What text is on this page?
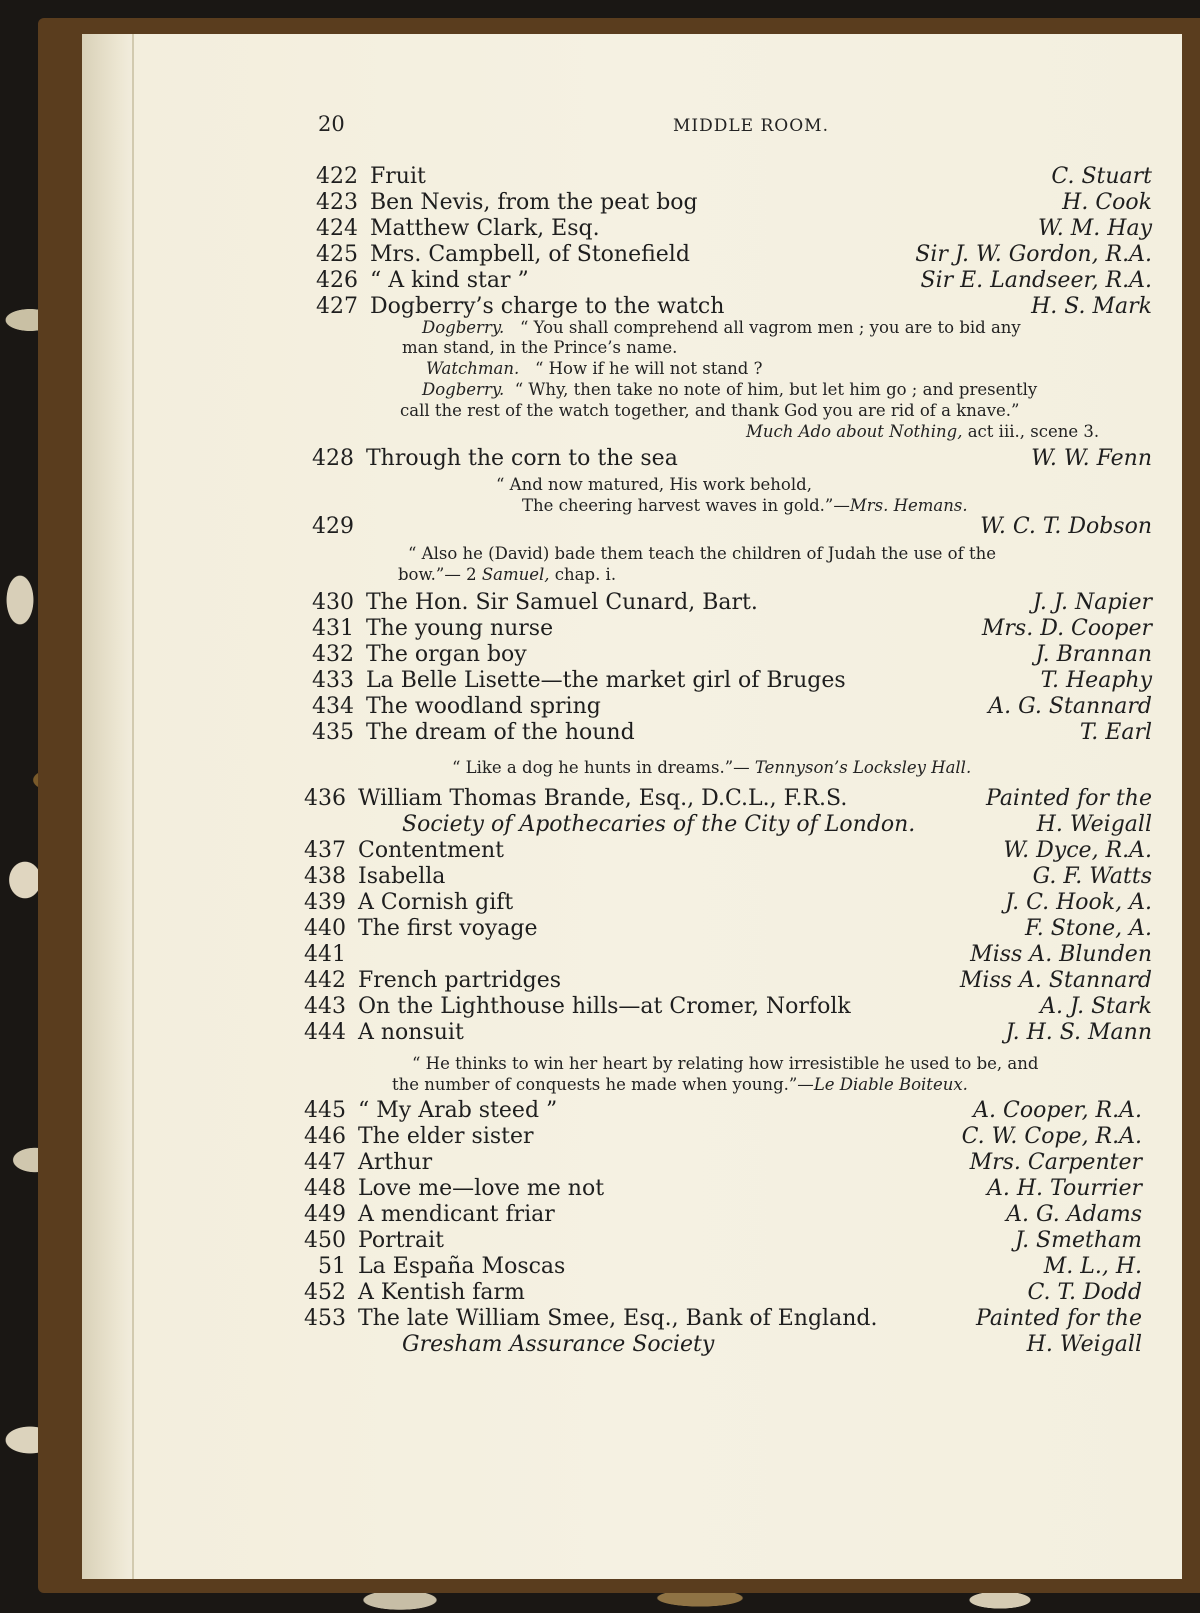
20	MIDDLE ROOM.
422 Fruit	C. Stuart
423 Ben Nevis, from the peat bog	H. Cook
424 Matthew Clark, Esq.	W. M. Hay
425 Mrs. Campbell, of Stonefield	Sir J. W. Gordon, R.A.
426 “ A kind star ”	Sir E. Landseer, R.A.
427 Dogberry’s charge to the watch	H. S. Mark
428 Through the corn to the sea	W. W. Fenn
429	W. C. T. Dobson
430 The Hon. Sir Samuel Cunard, Bart.	J. J. Napier
431 The young nurse	Mrs. D. Cooper
432 The organ boy	J. Brannan
433 La Belle Lisette—the market girl of Bruges	T. Heaphy
434 The woodland spring	A. G. Stannard
435 The dream of the hound	T. Earl
436 William Thomas Brande, Esq., D.C.L., F.R.S.	Painted for the
Society of Apothecaries of the City of London.	H. Weigall
437 Contentment	W. Dyce, R.A.
438 Isabella	G. F. Watts
439 A Cornish gift	J. C. Hook, A.
440 The first voyage	F. Stone, A.
441	Miss A. Blunden
442 French partridges	Miss A. Stannard
443 On the Lighthouse hills—at Cromer, Norfolk	A. J. Stark
444 A nonsuit	J. H. S. Mann
445 “ My Arab steed ”	A. Cooper, R.A.
446 The elder sister	C. W. Cope, R.A.
447 Arthur	Mrs. Carpenter
448 Love me—love me not	A. H. Tourrier
449 A mendicant friar	A. G. Adams
450 Portrait	J. Smetham
51 La España Moscas	M. L., H.
452 A Kentish farm	C. T. Dodd
453 The late William Smee, Esq., Bank of England.	Painted for the
Gresham Assurance Society	H. Weigall
Dogberry. “ You shall comprehend all vagrom men ; you are to bid any
man stand, in the Prince’s name.
Watchman. “ How if he will not stand ?
Dogberry. “ Why, then take no note of him, but let him go ; and presently
call the rest of the watch together, and thank God you are rid of a knave.”
Much Ado about Nothing, act iii., scene 3.
“ And now matured, His work behold,
The cheering harvest waves in gold.”—Mrs. Hemans.
“ Also he (David) bade them teach the children of Judah the use of the
bow.”— 2 Samuel, chap. i.
“ Like a dog he hunts in dreams.”— Tennyson’s Locksley Hall.
“ He thinks to win her heart by relating how irresistible he used to be, and
the number of conquests he made when young.”—Le Diable Boiteux.
